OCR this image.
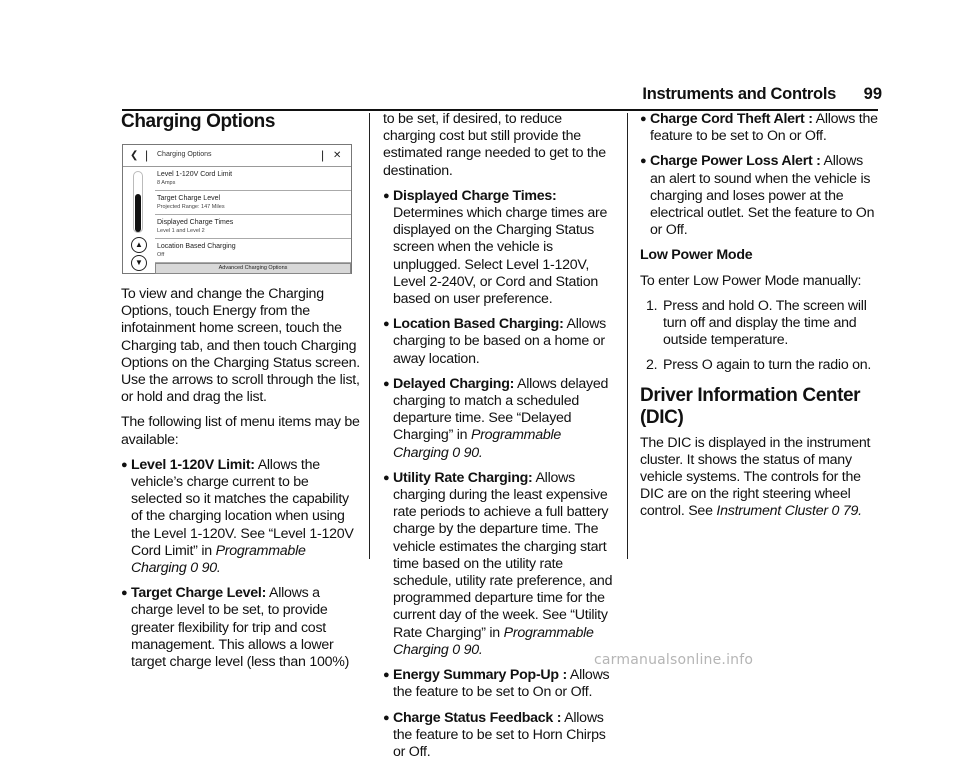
Instruments and Controls 99
Charging Options
❮ | Charging Options	| ✕
▲
▼
Level 1-120V Cord Limit
8 Amps
Target Charge Level
Projected Range: 147 Miles
Displayed Charge Times
Level 1 and Level 2
Location Based Charging
Off
Advanced Charging Options

To view and change the Charging Options, touch Energy from the infotainment home screen, touch the Charging tab, and then touch Charging Options on the Charging Status screen. Use the arrows to scroll through the list, or hold and drag the list.

The following list of menu items may be available:

● Level 1-120V Limit: Allows the vehicle’s charge current to be selected so it matches the capability of the charging location when using the Level 1-120V. See “Level 1-120V Cord Limit” in Programmable Charging 0 90.
● Target Charge Level: Allows a charge level to be set, to provide greater flexibility for trip and cost management. This allows a lower target charge level (less than 100%)

to be set, if desired, to reduce charging cost but still provide the estimated range needed to get to the destination.

● Displayed Charge Times: Determines which charge times are displayed on the Charging Status screen when the vehicle is unplugged. Select Level 1-120V, Level 2-240V, or Cord and Station based on user preference.
● Location Based Charging: Allows charging to be based on a home or away location.
● Delayed Charging: Allows delayed charging to match a scheduled departure time. See “Delayed Charging” in Programmable Charging 0 90.
● Utility Rate Charging: Allows charging during the least expensive rate periods to achieve a full battery charge by the departure time. The vehicle estimates the charging start time based on the utility rate schedule, utility rate preference, and programmed departure time for the current day of the week. See “Utility Rate Charging” in Programmable Charging 0 90.
● Energy Summary Pop-Up : Allows the feature to be set to On or Off.
● Charge Status Feedback : Allows the feature to be set to Horn Chirps or Off.
● Charge Cord Theft Alert : Allows the feature to be set to On or Off.
● Charge Power Loss Alert : Allows an alert to sound when the vehicle is charging and loses power at the electrical outlet. Set the feature to On or Off.

Low Power Mode

To enter Low Power Mode manually:

1. Press and hold O. The screen will turn off and display the time and outside temperature.
2. Press O again to turn the radio on.
Driver Information Center (DIC)

The DIC is displayed in the instrument cluster. It shows the status of many vehicle systems. The controls for the DIC are on the right steering wheel control. See Instrument Cluster 0 79.

carmanualsonline.info
